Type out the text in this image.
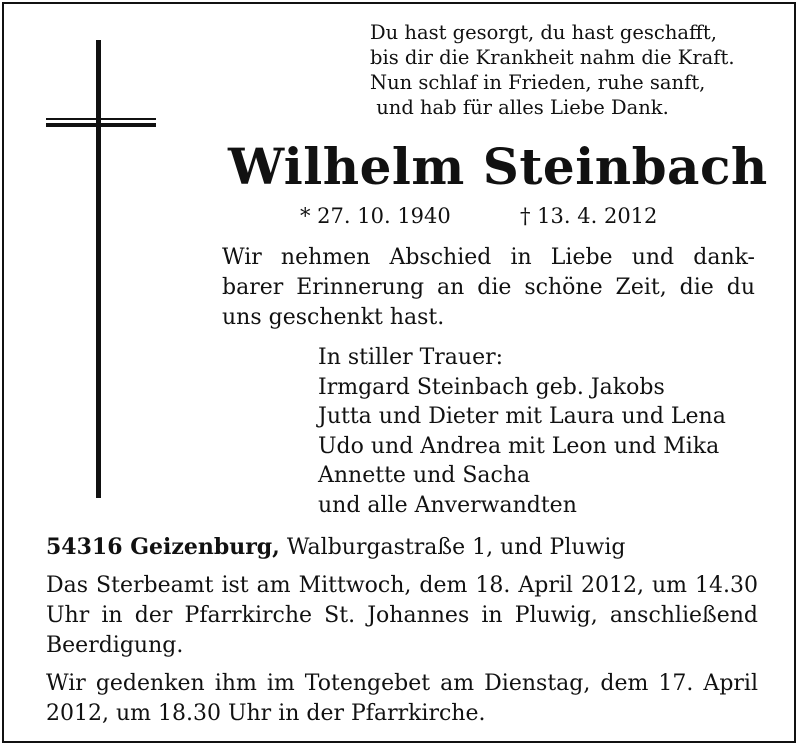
Du hast gesorgt, du hast geschafft,
bis dir die Krankheit nahm die Kraft.
Nun schlaf in Frieden, ruhe sanft,
und hab für alles Liebe Dank.
Wilhelm Steinbach
* 27. 10. 1940	† 13. 4. 2012
Wir nehmen Abschied in Liebe und dank-
barer Erinnerung an die schöne Zeit, die du
uns geschenkt hast.
In stiller Trauer:
Irmgard Steinbach geb. Jakobs
Jutta und Dieter mit Laura und Lena
Udo und Andrea mit Leon und Mika
Annette und Sacha
und alle Anverwandten
54316 Geizenburg, Walburgastraße 1, und Pluwig
Das Sterbeamt ist am Mittwoch, dem 18. April 2012, um 14.30
Uhr in der Pfarrkirche St. Johannes in Pluwig, anschließend
Beerdigung.
Wir gedenken ihm im Totengebet am Dienstag, dem 17. April
2012, um 18.30 Uhr in der Pfarrkirche.
